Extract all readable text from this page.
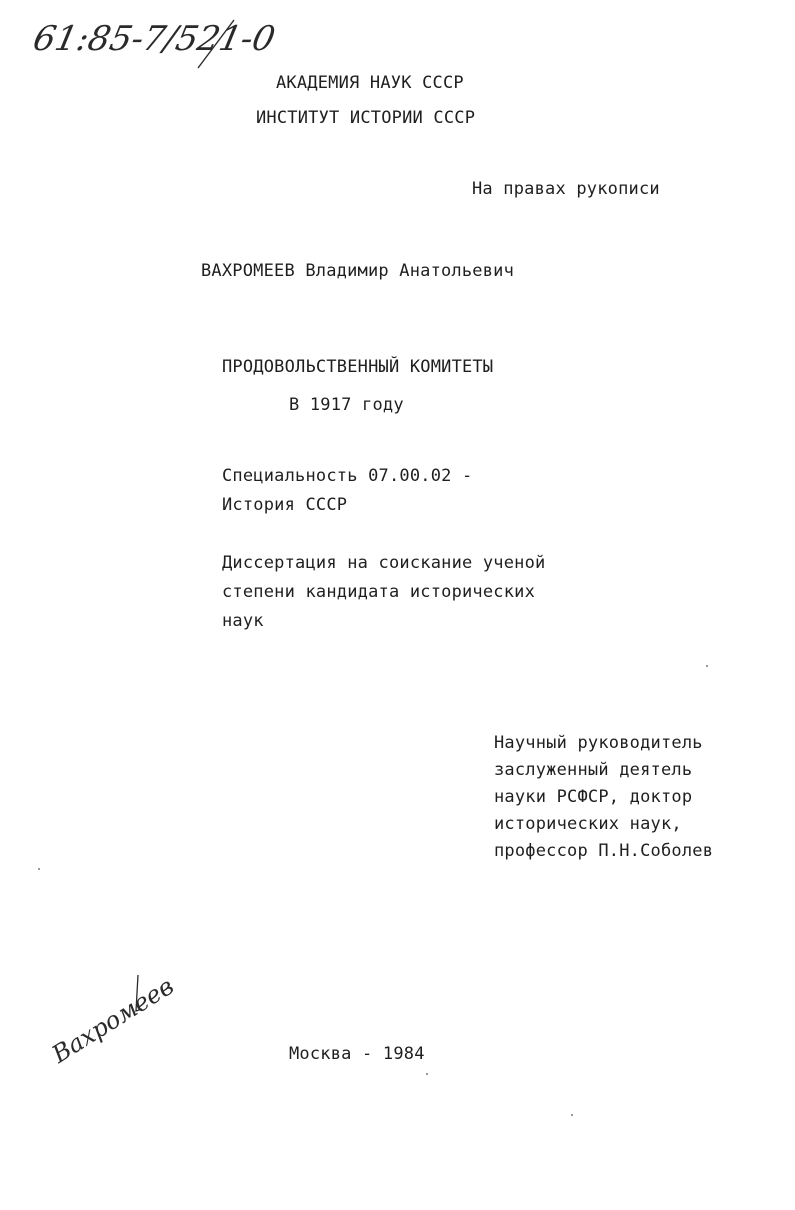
61:85-7/521-0
АКАДЕМИЯ НАУК СССР
ИНСТИТУТ ИСТОРИИ СССР
На правах рукописи
ВАХРОМЕЕВ Владимир Анатольевич
ПРОДОВОЛЬСТВЕННЫЙ КОМИТЕТЫ
В 1917 году
Специальность 07.00.02 -
История СССР
Диссертация на соискание ученой
степени кандидата исторических
наук
Научный руководитель
заслуженный деятель
науки РСФСР, доктор
исторических наук,
профессор П.Н.Соболев
Вахромеев	Москва - 1984
